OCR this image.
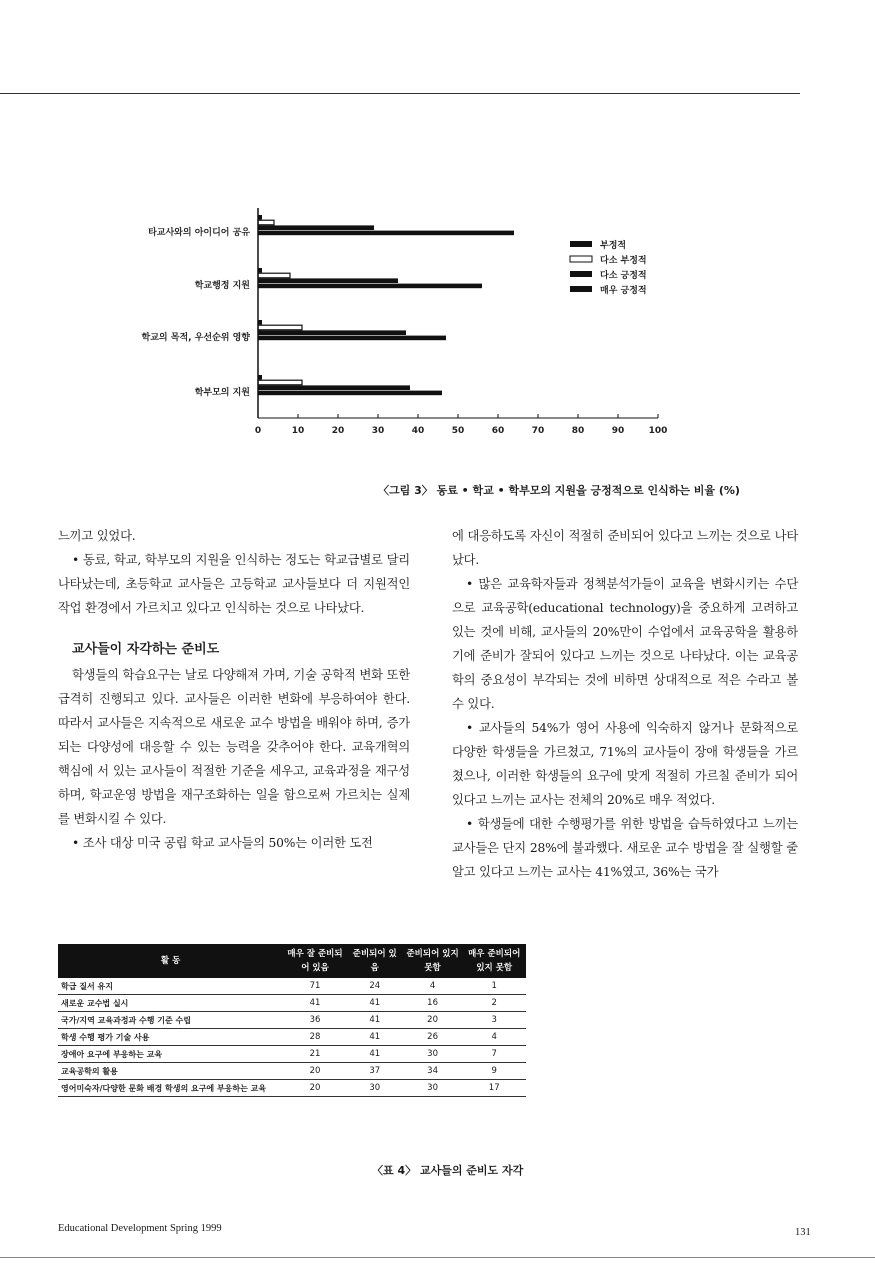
타교사와의 아이디어 공유
학교행정 지원
학교의 목적, 우선순위 영향
학부모의 지원
0	10	20	30	40	50	60	70	80	90	100
부정적
다소 부정적
다소 긍정적
매우 긍정적
〈그림 3〉 동료 • 학교 • 학부모의 지원을 긍정적으로 인식하는 비율 (%)

느끼고 있었다.

• 동료, 학교, 학부모의 지원을 인식하는 정도는 학교급별로 달리 나타났는데, 초등학교 교사들은 고등학교 교사들보다 더 지원적인 작업 환경에서 가르치고 있다고 인식하는 것으로 나타났다.

교사들이 자각하는 준비도

학생들의 학습요구는 날로 다양해져 가며, 기술 공학적 변화 또한 급격히 진행되고 있다. 교사들은 이러한 변화에 부응하여야 한다. 따라서 교사들은 지속적으로 새로운 교수 방법을 배워야 하며, 증가되는 다양성에 대응할 수 있는 능력을 갖추어야 한다. 교육개혁의 핵심에 서 있는 교사들이 적절한 기준을 세우고, 교육과정을 재구성하며, 학교운영 방법을 재구조화하는 일을 함으로써 가르치는 실제를 변화시킬 수 있다.

• 조사 대상 미국 공립 학교 교사들의 50%는 이러한 도전

에 대응하도록 자신이 적절히 준비되어 있다고 느끼는 것으로 나타났다.

• 많은 교육학자들과 정책분석가들이 교육을 변화시키는 수단으로 교육공학(educational technology)을 중요하게 고려하고 있는 것에 비해, 교사들의 20%만이 수업에서 교육공학을 활용하기에 준비가 잘되어 있다고 느끼는 것으로 나타났다. 이는 교육공학의 중요성이 부각되는 것에 비하면 상대적으로 적은 수라고 볼 수 있다.

• 교사들의 54%가 영어 사용에 익숙하지 않거나 문화적으로 다양한 학생들을 가르쳤고, 71%의 교사들이 장애 학생들을 가르쳤으나, 이러한 학생들의 요구에 맞게 적절히 가르칠 준비가 되어 있다고 느끼는 교사는 전체의 20%로 매우 적었다.

• 학생들에 대한 수행평가를 위한 방법을 습득하였다고 느끼는 교사들은 단지 28%에 불과했다. 새로운 교수 방법을 잘 실행할 줄 알고 있다고 느끼는 교사는 41%였고, 36%는 국가

활 동	매우 잘 준비되어 있음	준비되어 있음	준비되어 있지 못함	매우 준비되어 있지 못함
학급 질서 유지	71	24	4	1
새로운 교수법 실시	41	41	16	2
국가/지역 교육과정과 수행 기준 수립	36	41	20	3
학생 수행 평가 기술 사용	28	41	26	4
장애아 요구에 부응하는 교육	21	41	30	7
교육공학의 활용	20	37	34	9
영어미숙자/다양한 문화 배경 학생의 요구에 부응하는 교육	20	30	30	17
〈표 4〉 교사들의 준비도 자각
Educational Development Spring 1999	131
